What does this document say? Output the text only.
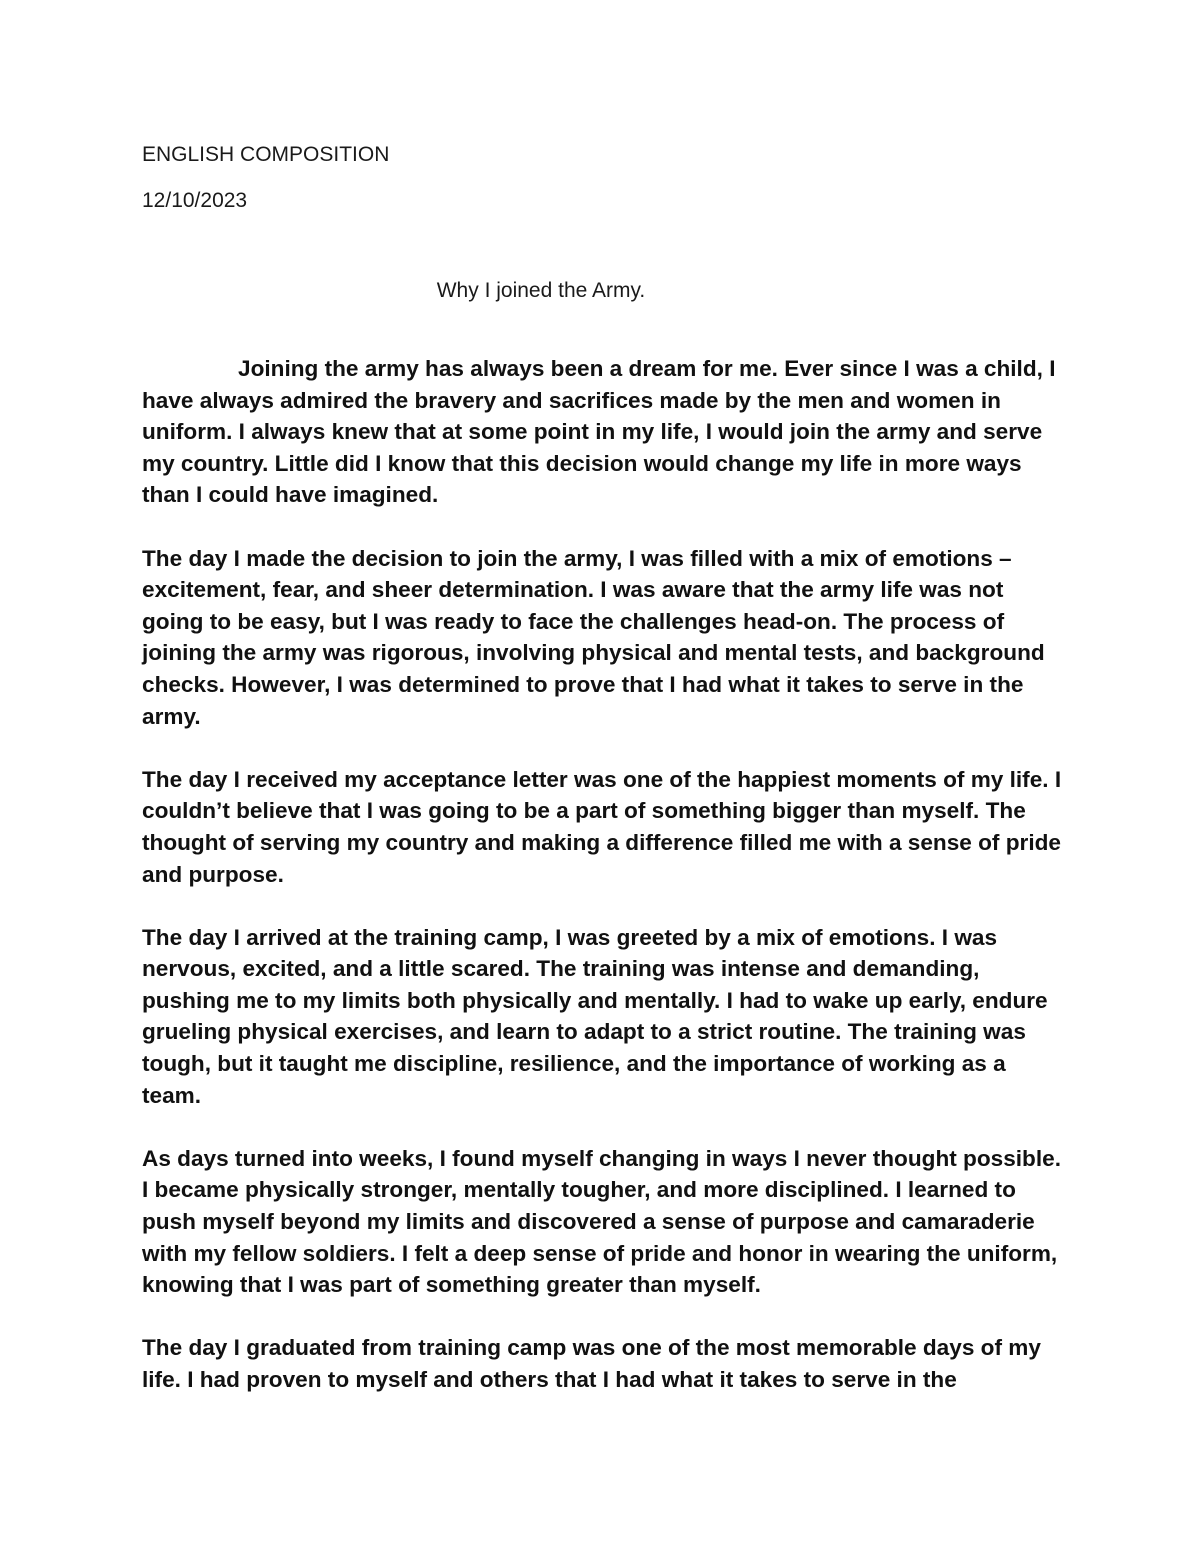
ENGLISH COMPOSITION
12/10/2023
Why I joined the Army.

Joining the army has always been a dream for me. Ever since I was a child, I have always admired the bravery and sacrifices made by the men and women in uniform. I always knew that at some point in my life, I would join the army and serve my country. Little did I know that this decision would change my life in more ways than I could have imagined.

The day I made the decision to join the army, I was filled with a mix of emotions – excitement, fear, and sheer determination. I was aware that the army life was not going to be easy, but I was ready to face the challenges head-on. The process of joining the army was rigorous, involving physical and mental tests, and background checks. However, I was determined to prove that I had what it takes to serve in the army.

The day I received my acceptance letter was one of the happiest moments of my life. I couldn’t believe that I was going to be a part of something bigger than myself. The thought of serving my country and making a difference filled me with a sense of pride and purpose.

The day I arrived at the training camp, I was greeted by a mix of emotions. I was nervous, excited, and a little scared. The training was intense and demanding, pushing me to my limits both physically and mentally. I had to wake up early, endure grueling physical exercises, and learn to adapt to a strict routine. The training was tough, but it taught me discipline, resilience, and the importance of working as a team.

As days turned into weeks, I found myself changing in ways I never thought possible. I became physically stronger, mentally tougher, and more disciplined. I learned to push myself beyond my limits and discovered a sense of purpose and camaraderie with my fellow soldiers. I felt a deep sense of pride and honor in wearing the uniform, knowing that I was part of something greater than myself.

The day I graduated from training camp was one of the most memorable days of my life. I had proven to myself and others that I had what it takes to serve in the
